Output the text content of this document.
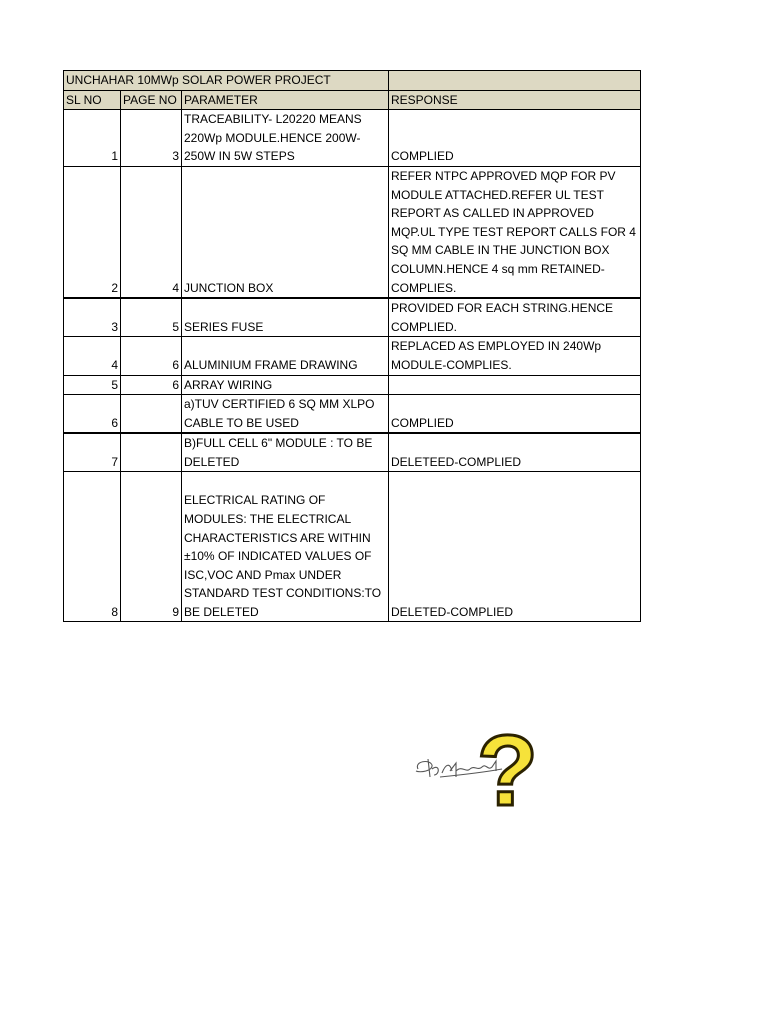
UNCHAHAR 10MWp SOLAR POWER PROJECT			
SL NO	PAGE NO	PARAMETER	RESPONSE
1	3	TRACEABILITY- L20220 MEANS 220Wp MODULE.HENCE 200W-250W IN 5W STEPS	COMPLIED
2	4	JUNCTION BOX	REFER NTPC APPROVED MQP FOR PV MODULE ATTACHED.REFER UL TEST REPORT AS CALLED IN APPROVED MQP.UL TYPE TEST REPORT CALLS FOR 4 SQ MM CABLE IN THE JUNCTION BOX COLUMN.HENCE 4 sq mm RETAINED-COMPLIES.
3	5	SERIES FUSE	PROVIDED FOR EACH STRING.HENCE COMPLIED.
4	6	ALUMINIUM FRAME DRAWING	REPLACED AS EMPLOYED IN 240Wp MODULE-COMPLIES.
5	6	ARRAY WIRING	
6		a)TUV CERTIFIED 6 SQ MM XLPO CABLE TO BE USED	COMPLIED
7		B)FULL CELL 6" MODULE : TO BE DELETED	DELETEED-COMPLIED
8	9	ELECTRICAL RATING OF MODULES: THE ELECTRICAL CHARACTERISTICS ARE WITHIN ±10% OF INDICATED VALUES OF ISC,VOC AND Pmax UNDER STANDARD TEST CONDITIONS:TO BE DELETED	DELETED-COMPLIED
?
